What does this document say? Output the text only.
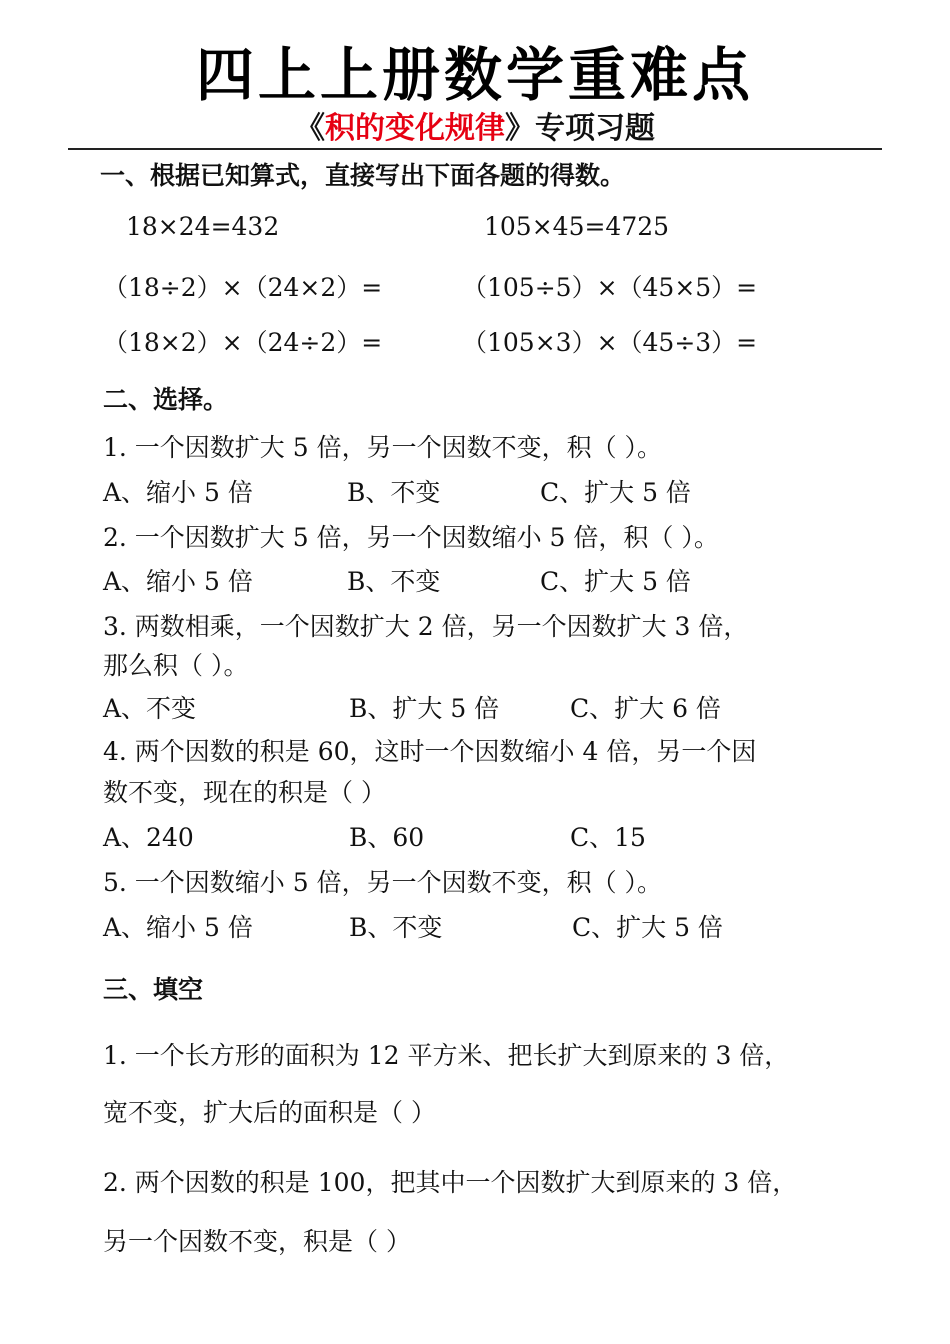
四上上册数学重难点
《积的变化规律》专项习题
一、根据已知算式，直接写出下面各题的得数。
18×24=432	105×45=4725
（18÷2）×（24×2）=	（105÷5）×（45×5）=
（18×2）×（24÷2）=	（105×3）×（45÷3）=
二、选择。
1. 一个因数扩大 5 倍，另一个因数不变，积（ ）。
A、缩小 5 倍	B、不变	C、扩大 5 倍
2. 一个因数扩大 5 倍，另一个因数缩小 5 倍，积（ ）。
A、缩小 5 倍	B、不变	C、扩大 5 倍
3. 两数相乘，一个因数扩大 2 倍，另一个因数扩大 3 倍，
那么积（ ）。
A、不变	B、扩大 5 倍	C、扩大 6 倍
4. 两个因数的积是 60，这时一个因数缩小 4 倍，另一个因
数不变，现在的积是（ ）
A、240	B、60	C、15
5. 一个因数缩小 5 倍，另一个因数不变，积（ ）。
A、缩小 5 倍	B、不变	C、扩大 5 倍
三、填空
1. 一个长方形的面积为 12 平方米、把长扩大到原来的 3 倍，
宽不变，扩大后的面积是（ ）
2. 两个因数的积是 100，把其中一个因数扩大到原来的 3 倍，
另一个因数不变，积是（ ）
